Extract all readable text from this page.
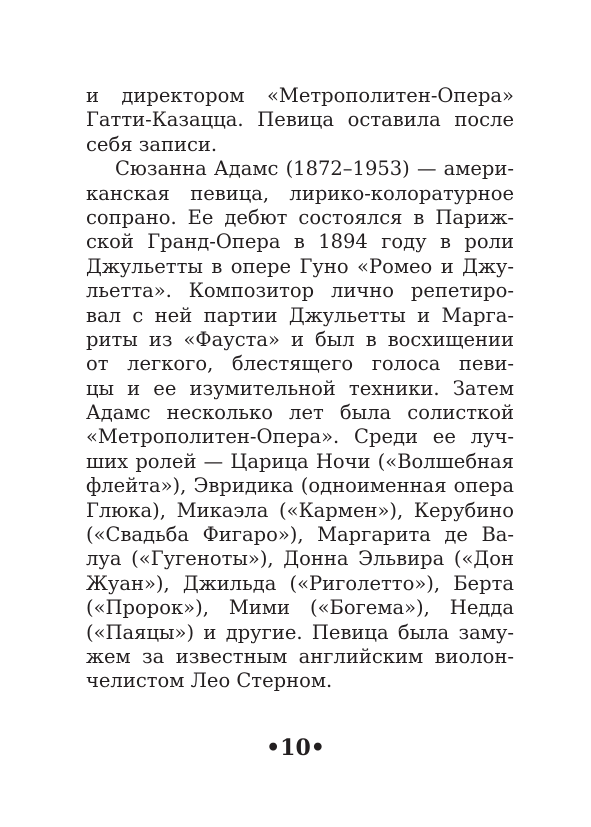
и директором «Метрополитен-Опера»
Гатти-Казацца. Певица оставила после
себя записи.
Сюзанна Адамс (1872–1953) — амери-
канская певица, лирико-колоратурное
сопрано. Ее дебют состоялся в Париж-
ской Гранд-Опера в 1894 году в роли
Джульетты в опере Гуно «Ромео и Джу-
льетта». Композитор лично репетиро-
вал с ней партии Джульетты и Марга-
риты из «Фауста» и был в восхищении
от легкого, блестящего голоса певи-
цы и ее изумительной техники. Затем
Адамс несколько лет была солисткой
«Метрополитен-Опера». Среди ее луч-
ших ролей — Царица Ночи («Волшебная
флейта»), Эвридика (одноименная опера
Глюка), Микаэла («Кармен»), Керубино
(«Свадьба Фигаро»), Маргарита де Ва-
луа («Гугеноты»), Донна Эльвира («Дон
Жуан»), Джильда («Риголетто»), Берта
(«Пророк»), Мими («Богема»), Недда
(«Паяцы») и другие. Певица была заму-
жем за известным английским виолон-
челистом Лео Стерном.
•10•
